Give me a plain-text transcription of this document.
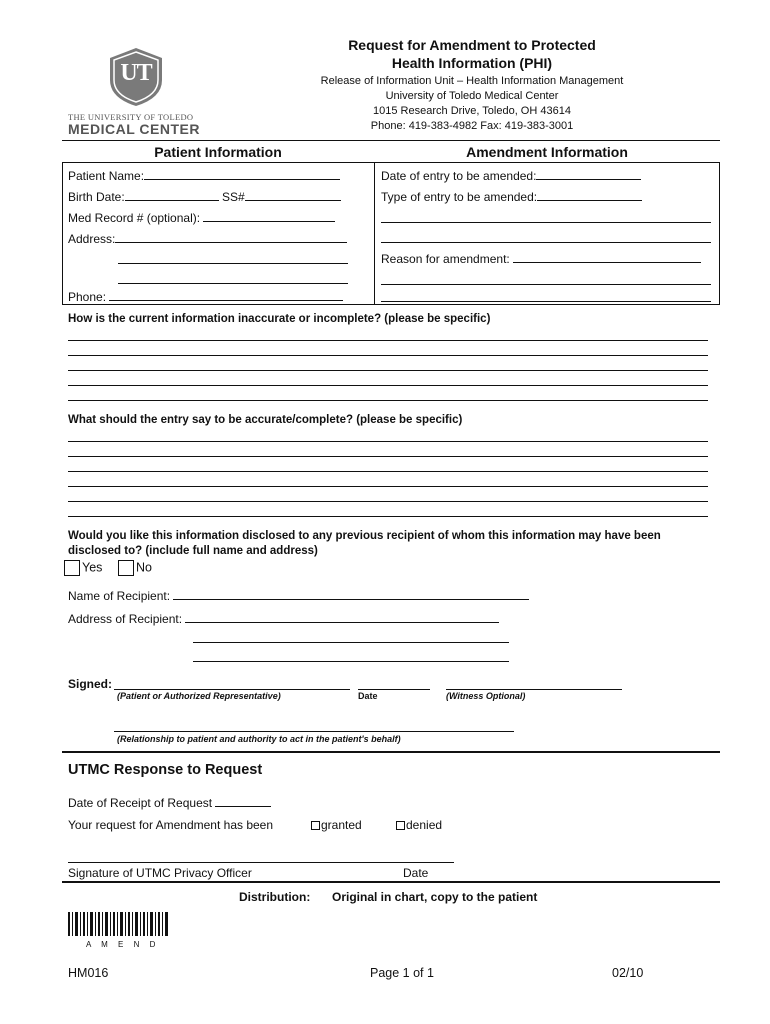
UT
THE UNIVERSITY OF TOLEDO
MEDICAL CENTER
Request for Amendment to Protected
Health Information (PHI)
Release of Information Unit – Health Information Management
University of Toledo Medical Center
1015 Research Drive, Toledo, OH 43614
Phone: 419-383-4982 Fax: 419-383-3001
Patient Information	Amendment Information
Patient Name:
Birth Date:	SS#
Med Record # (optional):
Address:
Phone:
Date of entry to be amended:
Type of entry to be amended:
Reason for amendment:
How is the current information inaccurate or incomplete? (please be specific)
What should the entry say to be accurate/complete? (please be specific)
Would you like this information disclosed to any previous recipient of whom this information may have been
disclosed to? (include full name and address)
Yes	No
Name of Recipient:
Address of Recipient:
Signed:
(Patient or Authorized Representative)	Date	(Witness Optional)
(Relationship to patient and authority to act in the patient's behalf)
UTMC Response to Request
Date of Receipt of Request
Your request for Amendment has been	granted	denied
Signature of UTMC Privacy Officer	Date
Distribution: Original in chart, copy to the patient
A M E N D
HM016	Page 1 of 1	02/10
